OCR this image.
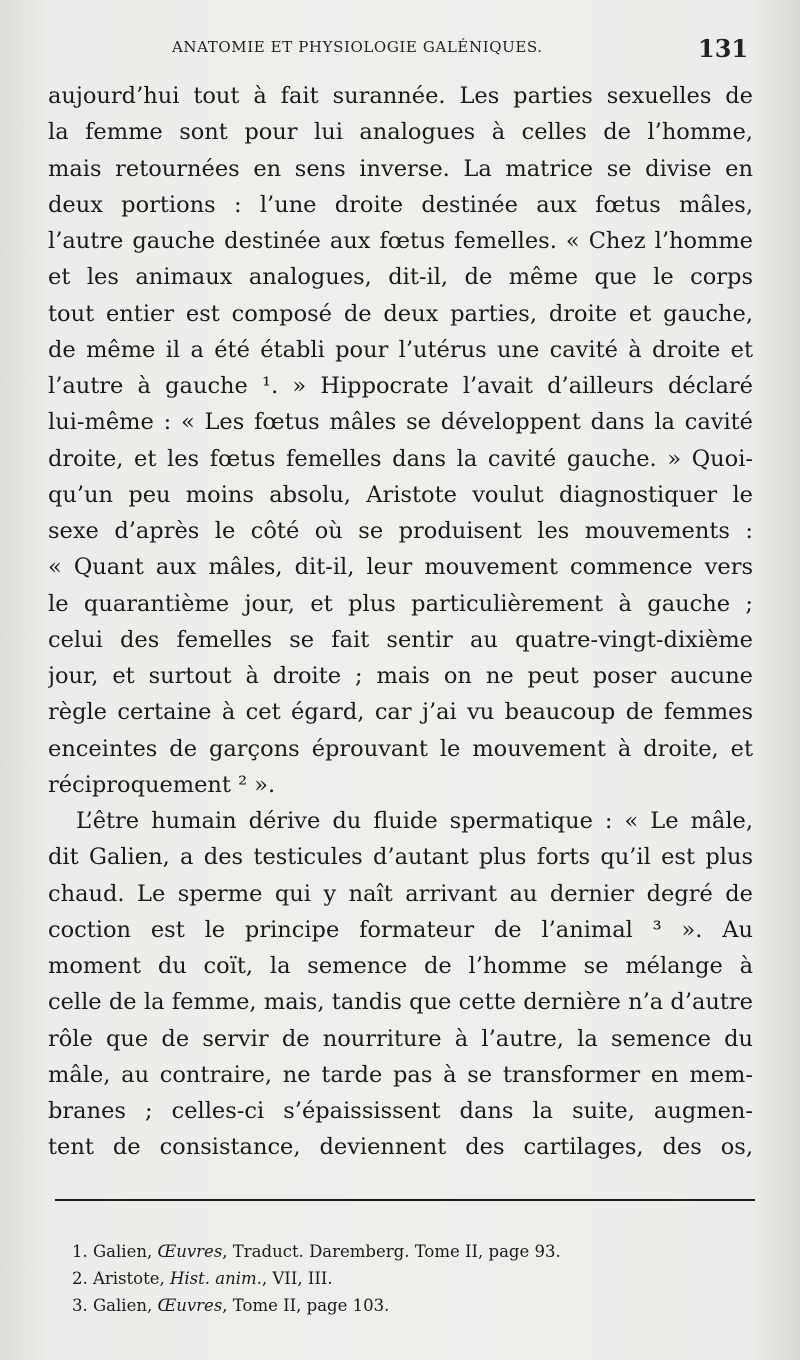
ANATOMIE ET PHYSIOLOGIE GALÉNIQUES.	131
aujourd’hui tout à fait surannée. Les parties sexuelles de
la femme sont pour lui analogues à celles de l’homme,
mais retournées en sens inverse. La matrice se divise en
deux portions : l’une droite destinée aux fœtus mâles,
l’autre gauche destinée aux fœtus femelles. « Chez l’homme
et les animaux analogues, dit-il, de même que le corps
tout entier est composé de deux parties, droite et gauche,
de même il a été établi pour l’utérus une cavité à droite et
l’autre à gauche ¹. » Hippocrate l’avait d’ailleurs déclaré
lui-même : « Les fœtus mâles se développent dans la cavité
droite, et les fœtus femelles dans la cavité gauche. » Quoi-
qu’un peu moins absolu, Aristote voulut diagnostiquer le
sexe d’après le côté où se produisent les mouvements :
« Quant aux mâles, dit-il, leur mouvement commence vers
le quarantième jour, et plus particulièrement à gauche ;
celui des femelles se fait sentir au quatre-vingt-dixième
jour, et surtout à droite ; mais on ne peut poser aucune
règle certaine à cet égard, car j’ai vu beaucoup de femmes
enceintes de garçons éprouvant le mouvement à droite, et
réciproquement ² ».
L’être humain dérive du fluide spermatique : « Le mâle,
dit Galien, a des testicules d’autant plus forts qu’il est plus
chaud. Le sperme qui y naît arrivant au dernier degré de
coction est le principe formateur de l’animal ³ ». Au
moment du coït, la semence de l’homme se mélange à
celle de la femme, mais, tandis que cette dernière n’a d’autre
rôle que de servir de nourriture à l’autre, la semence du
mâle, au contraire, ne tarde pas à se transformer en mem-
branes ; celles-ci s’épaississent dans la suite, augmen-
tent de consistance, deviennent des cartilages, des os,
1. Galien, Œuvres, Traduct. Daremberg. Tome II, page 93.
2. Aristote, Hist. anim., VII, III.
3. Galien, Œuvres, Tome II, page 103.
